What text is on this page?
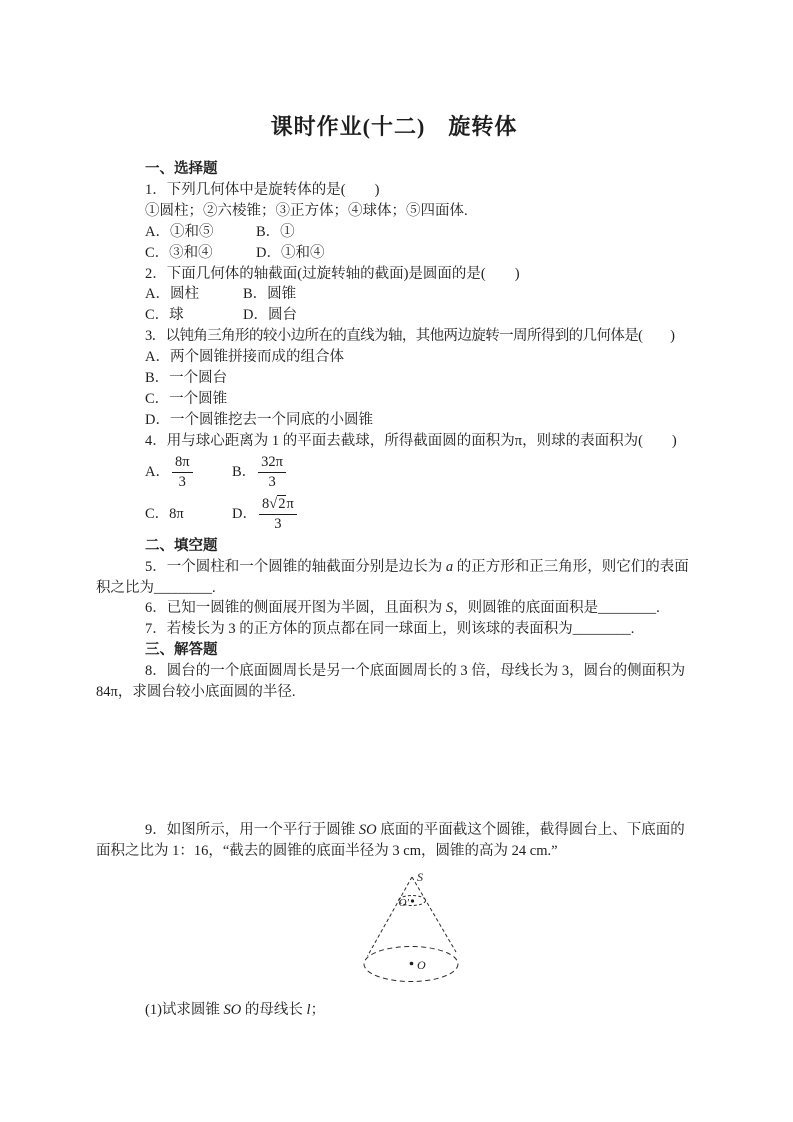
课时作业(十二)　旋转体

一、选择题

1．下列几何体中是旋转体的是(　　)

①圆柱；②六棱锥；③正方体；④球体；⑤四面体.

A．①和⑤	B．①

C．③和④	D．①和④

2．下面几何体的轴截面(过旋转轴的截面)是圆面的是(　　)

A．圆柱	B．圆锥

C．球	D．圆台

3．以钝角三角形的较小边所在的直线为轴，其他两边旋转一周所得到的几何体是(　　)

A．两个圆锥拼接而成的组合体

B．一个圆台

C．一个圆锥

D．一个圆锥挖去一个同底的小圆锥

4．用与球心距离为 1 的平面去截球，所得截面圆的面积为π，则球的表面积为(　　)

A． $\frac{8\pi}{3}$	B． $\frac{32\pi}{3}$
C．8π	D． $\frac{8√2\pi}{3}$

二、填空题

5．一个圆柱和一个圆锥的轴截面分别是边长为 a 的正方形和正三角形，则它们的表面积之比为________.

6．已知一圆锥的侧面展开图为半圆，且面积为 S，则圆锥的底面面积是________.

7．若棱长为 3 的正方体的顶点都在同一球面上，则该球的表面积为________.

三、解答题

8．圆台的一个底面圆周长是另一个底面圆周长的 3 倍，母线长为 3，圆台的侧面积为 84π，求圆台较小底面圆的半径.

9．如图所示，用一个平行于圆锥 SO 底面的平面截这个圆锥，截得圆台上、下底面的面积之比为 1：16，“截去的圆锥的底面半径为 3 cm，圆锥的高为 24 cm.”

S
O′
O

(1)试求圆锥 SO 的母线长 l；
